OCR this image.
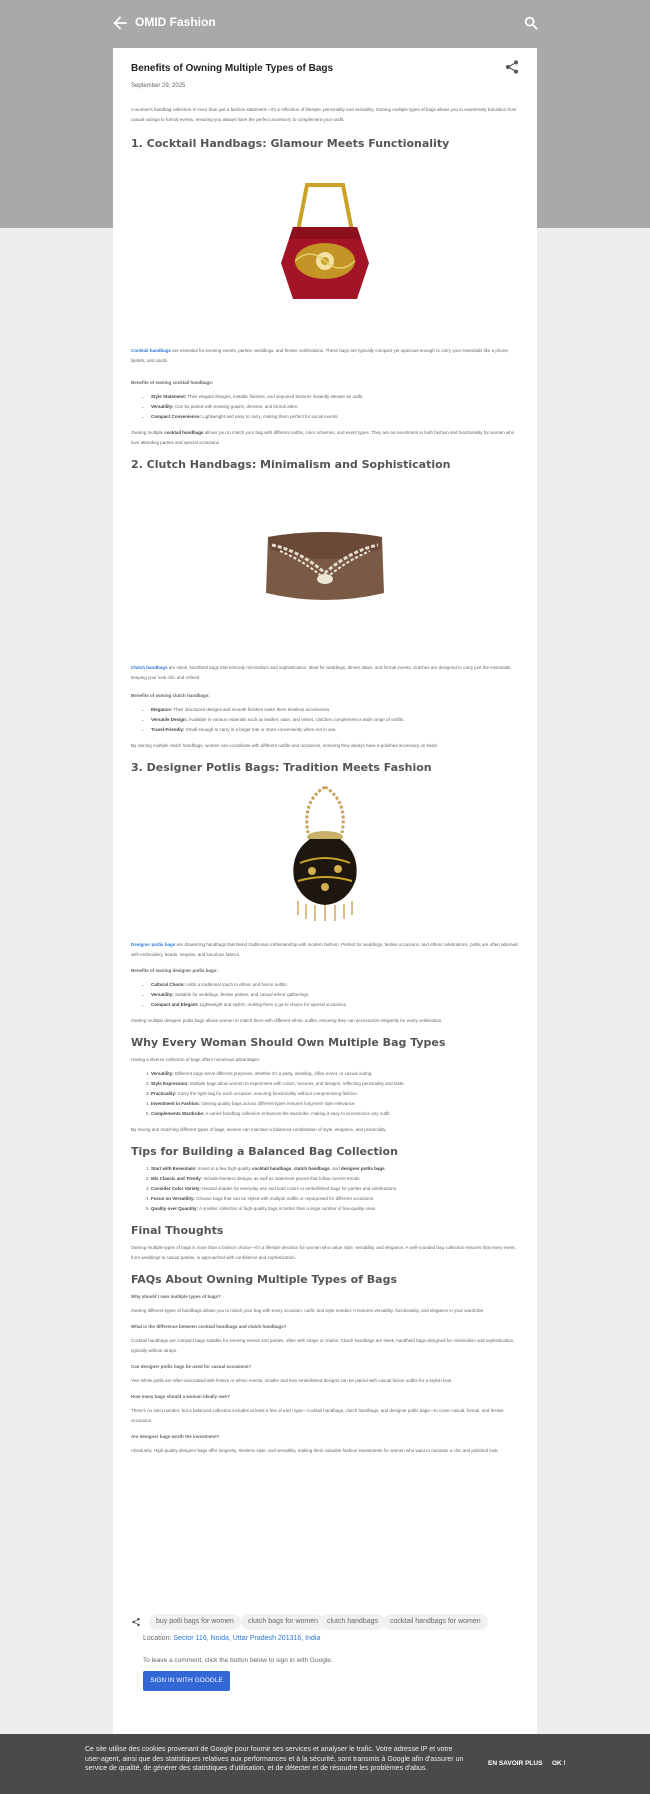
OMID Fashion
Benefits of Owning Multiple Types of Bags
September 29, 2025

A women's handbag collection is more than just a fashion statement—it's a reflection of lifestyle, personality and versatility. Owning multiple types of bags allows you to seamlessly transition from casual outings to formal events, ensuring you always have the perfect accessory to complement your outfit.

1. Cocktail Handbags: Glamour Meets Functionality

Cocktail handbags are essential for evening events, parties, weddings, and festive celebrations. These bags are typically compact yet spacious enough to carry your essentials like a phone, lipstick, and cards.

Benefits of owning cocktail handbags:

• Style Statement: Their elegant designs, metallic finishes, and sequined textures instantly elevate an outfit.
• Versatility: Can be paired with evening gowns, dresses, and formal attire.
• Compact Convenience: Lightweight and easy to carry, making them perfect for social events.

Owning multiple cocktail handbags allows you to match your bag with different outfits, color schemes, and event types. They are an investment in both fashion and functionality for women who love attending parties and special occasions.

2. Clutch Handbags: Minimalism and Sophistication

Clutch handbags are sleek, handheld bags that embody minimalism and sophistication. Ideal for weddings, dinner dates, and formal events, clutches are designed to carry just the essentials, keeping your look chic and refined.

Benefits of owning clutch handbags:

• Elegance: Their structured designs and smooth finishes make them timeless accessories.
• Versatile Design: Available in various materials such as leather, satin, and velvet, clutches complement a wide range of outfits.
• Travel-Friendly: Small enough to carry in a larger tote or store conveniently when not in use.

By owning multiple clutch handbags, women can coordinate with different outfits and occasions, ensuring they always have a polished accessory on hand.

3. Designer Potlis Bags: Tradition Meets Fashion

Designer potlis bags are drawstring handbags that blend traditional craftsmanship with modern fashion. Perfect for weddings, festive occasions, and ethnic celebrations, potlis are often adorned with embroidery, beads, sequins, and luxurious fabrics.

Benefits of owning designer potlis bags:

• Cultural Charm: Adds a traditional touch to ethnic and fusion outfits.
• Versatility: Suitable for weddings, festive parties, and casual ethnic gatherings.
• Compact and Elegant: Lightweight and stylish, making them a go-to choice for special occasions.

Owning multiple designer potlis bags allows women to match them with different ethnic outfits, ensuring they can accessorize elegantly for every celebration.

Why Every Woman Should Own Multiple Bag Types

Having a diverse collection of bags offers numerous advantages:

1. Versatility: Different bags serve different purposes, whether it's a party, wedding, office event, or casual outing.
2. Style Expression: Multiple bags allow women to experiment with colors, textures, and designs, reflecting personality and taste.
3. Practicality: Carry the right bag for each occasion, ensuring functionality without compromising fashion.
4. Investment in Fashion: Owning quality bags across different types ensures long-term style relevance.
5. Complements Wardrobe: A varied handbag collection enhances the wardrobe, making it easy to accessorize any outfit.

By mixing and matching different types of bags, women can maintain a balanced combination of style, elegance, and practicality.

Tips for Building a Balanced Bag Collection
1. Start with Essentials: Invest in a few high-quality cocktail handbags, clutch handbags, and designer potlis bags.
2. Mix Classic and Trendy: Include timeless designs as well as statement pieces that follow current trends.
3. Consider Color Variety: Neutral shades for everyday use and bold colors or embellished bags for parties and celebrations.
4. Focus on Versatility: Choose bags that can be styled with multiple outfits or repurposed for different occasions.
5. Quality over Quantity: A smaller collection of high-quality bags is better than a large number of low-quality ones.
Final Thoughts

Owning multiple types of bags is more than a fashion choice—it's a lifestyle decision for women who value style, versatility, and elegance. A well-rounded bag collection ensures that every event, from weddings to casual parties, is approached with confidence and sophistication.

FAQs About Owning Multiple Types of Bags

Why should I own multiple types of bags?

Owning different types of handbags allows you to match your bag with every occasion, outfit, and style needed. It ensures versatility, functionality, and elegance in your wardrobe.

What is the difference between cocktail handbags and clutch handbags?

Cocktail handbags are compact bags suitable for evening events and parties, often with straps or chains. Clutch handbags are sleek, handheld bags designed for minimalism and sophistication, typically without straps.

Can designer potlis bags be used for casual occasions?

Yes! While potlis are often associated with festive or ethnic events, smaller and less embellished designs can be paired with casual fusion outfits for a stylish look.

How many bags should a woman ideally own?

There's no strict number, but a balanced collection includes at least a few of each type—cocktail handbags, clutch handbags, and designer potlis bags—to cover casual, formal, and festive occasions.

Are designer bags worth the investment?

Absolutely. High-quality designer bags offer longevity, timeless style, and versatility, making them valuable fashion investments for women who want to maintain a chic and polished look.

buy potli bags for women	clutch bags for women	clutch handbags	cocktail handbags for women
Location: Sector 116, Noida, Uttar Pradesh 201316, India
To leave a comment, click the button below to sign in with Google.
SIGN IN WITH GOOGLE
Ce site utilise des cookies provenant de Google pour fournir ses services et analyser le trafic. Votre adresse IP et votre user-agent, ainsi que des statistiques relatives aux performances et à la sécurité, sont transmis à Google afin d'assurer un service de qualité, de générer des statistiques d'utilisation, et de détecter et de résoudre les problèmes d'abus.
EN SAVOIR PLUS OK !
